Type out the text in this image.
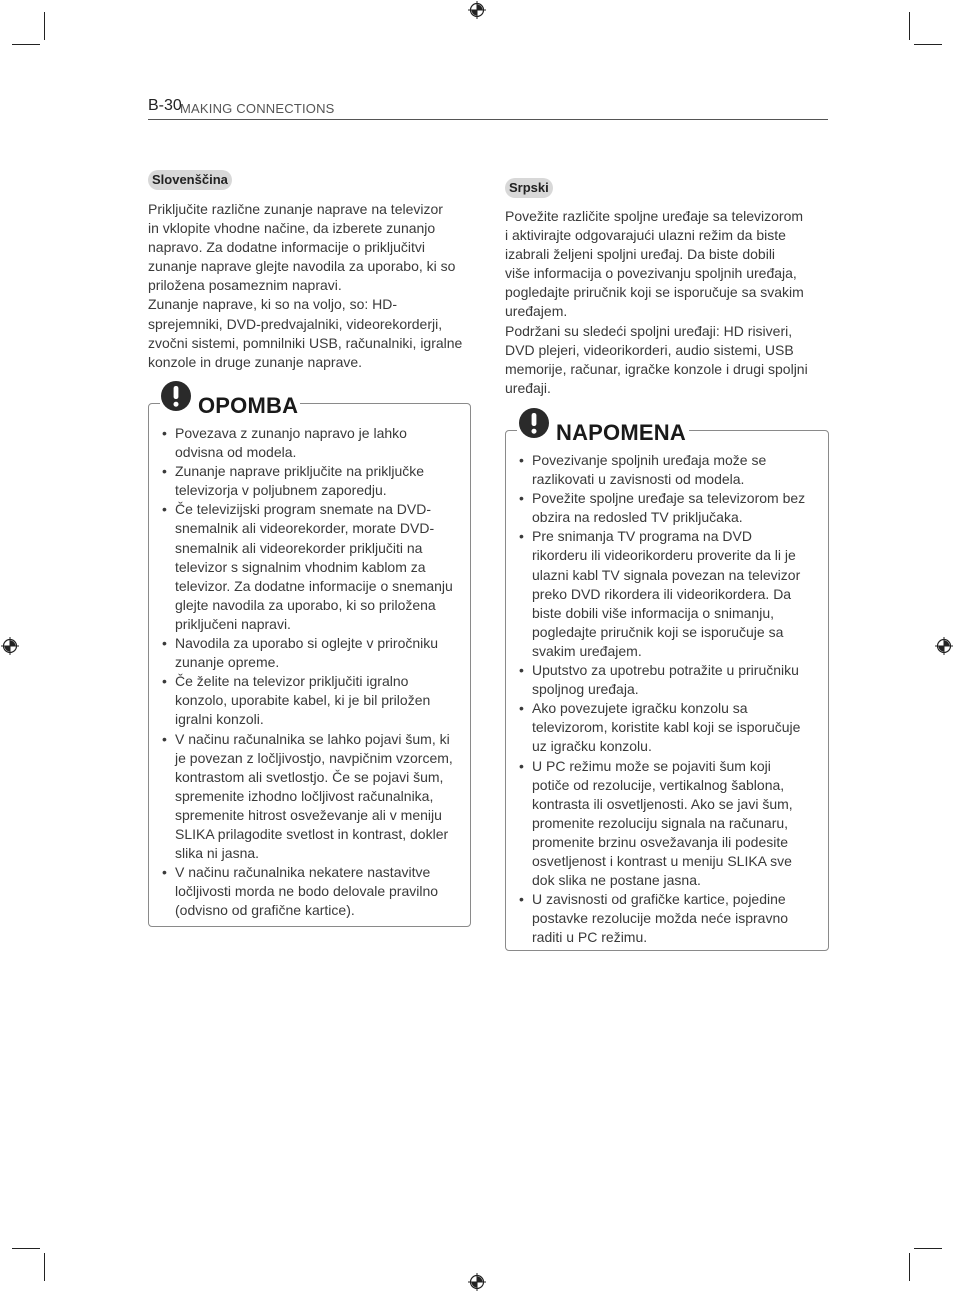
B-30
MAKING CONNECTIONS
Slovenščina

Priključite različne zunanje naprave na televizor
in vklopite vhodne načine, da izberete zunanjo
napravo. Za dodatne informacije o priključitvi
zunanje naprave glejte navodila za uporabo, ki so
priložena posameznim napravi.
Zunanje naprave, ki so na voljo, so: HD-
sprejemniki, DVD-predvajalniki, videorekorderji,
zvočni sistemi, pomnilniki USB, računalniki, igralne
konzole in druge zunanje naprave.

OPOMBA
• Povezava z zunanjo napravo je lahko
odvisna od modela.
• Zunanje naprave priključite na priključke
televizorja v poljubnem zaporedju.
• Če televizijski program snemate na DVD-
snemalnik ali videorekorder, morate DVD-
snemalnik ali videorekorder priključiti na
televizor s signalnim vhodnim kablom za
televizor. Za dodatne informacije o snemanju
glejte navodila za uporabo, ki so priložena
priključeni napravi.
• Navodila za uporabo si oglejte v priročniku
zunanje opreme.
• Če želite na televizor priključiti igralno
konzolo, uporabite kabel, ki je bil priložen
igralni konzoli.
• V načinu računalnika se lahko pojavi šum, ki
je povezan z ločljivostjo, navpičnim vzorcem,
kontrastom ali svetlostjo. Če se pojavi šum,
spremenite izhodno ločljivost računalnika,
spremenite hitrost osveževanje ali v meniju
SLIKA prilagodite svetlost in kontrast, dokler
slika ni jasna.
• V načinu računalnika nekatere nastavitve
ločljivosti morda ne bodo delovale pravilno
(odvisno od grafične kartice).
Srpski

Povežite različite spoljne uređaje sa televizorom
i aktivirajte odgovarajući ulazni režim da biste
izabrali željeni spoljni uređaj. Da biste dobili
više informacija o povezivanju spoljnih uređaja,
pogledajte priručnik koji se isporučuje sa svakim
uređajem.
Podržani su sledeći spoljni uređaji: HD risiveri,
DVD plejeri, videorikorderi, audio sistemi, USB
memorije, računar, igračke konzole i drugi spoljni
uređaji.

NAPOMENA
• Povezivanje spoljnih uređaja može se
razlikovati u zavisnosti od modela.
• Povežite spoljne uređaje sa televizorom bez
obzira na redosled TV priključaka.
• Pre snimanja TV programa na DVD
rikorderu ili videorikorderu proverite da li je
ulazni kabl TV signala povezan na televizor
preko DVD rikordera ili videorikordera. Da
biste dobili više informacija o snimanju,
pogledajte priručnik koji se isporučuje sa
svakim uređajem.
• Uputstvo za upotrebu potražite u priručniku
spoljnog uređaja.
• Ako povezujete igračku konzolu sa
televizorom, koristite kabl koji se isporučuje
uz igračku konzolu.
• U PC režimu može se pojaviti šum koji
potiče od rezolucije, vertikalnog šablona,
kontrasta ili osvetljenosti. Ako se javi šum,
promenite rezoluciju signala na računaru,
promenite brzinu osvežavanja ili podesite
osvetljenost i kontrast u meniju SLIKA sve
dok slika ne postane jasna.
• U zavisnosti od grafičke kartice, pojedine
postavke rezolucije možda neće ispravno
raditi u PC režimu.
